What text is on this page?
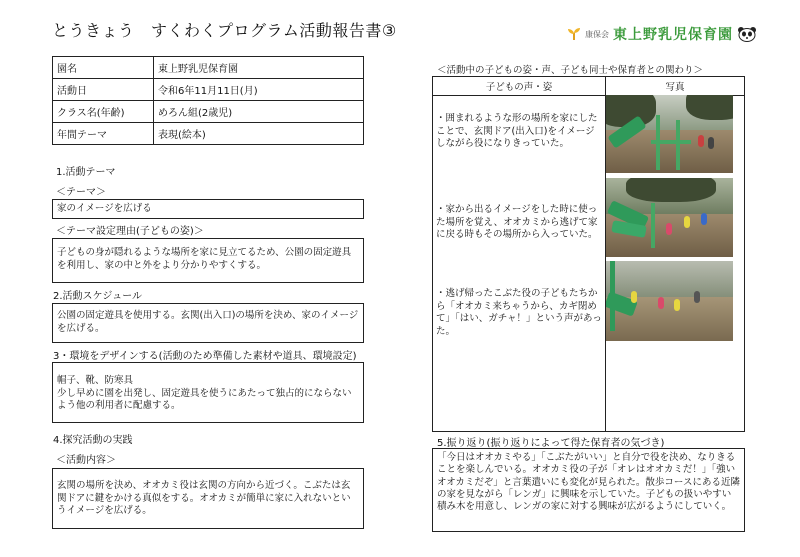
とうきょう　すくわくプログラム活動報告書③	康保会 東上野乳児保育園
園名	東上野乳児保育園
活動日	令和6年11月11日(月)
クラス名(年齢)	めろん組(2歳児)
年間テーマ	表現(絵本)
1.活動テーマ
＜テーマ＞
家のイメージを広げる
＜テーマ設定理由(子どもの姿)＞
子どもの身が隠れるような場所を家に見立てるため、公園の固定遊具を利用し、家の中と外をより分かりやすくする。
2.活動スケジュール
公園の固定遊具を使用する。玄関(出入口)の場所を決め、家のイメージを広げる。
3・環境をデザインする(活動のため準備した素材や道具、環境設定)
帽子、靴、防寒具
少し早めに園を出発し、固定遊具を使うにあたって独占的にならないよう他の利用者に配慮する。
4.探究活動の実践
＜活動内容＞
玄関の場所を決め、オオカミ役は玄関の方向から近づく。こぶたは玄関ドアに鍵をかける真似をする。オオカミが簡単に家に入れないというイメージを広げる。
＜活動中の子どもの姿・声、子ども同士や保育者との関わり＞
子どもの声・姿	写真
・囲まれるような形の場所を家にしたことで、玄関ドア(出入口)をイメージしながら役になりきっていた。	
・家から出るイメージをした時に使った場所を覚え、オオカミから逃げて家に戻る時もその場所から入っていた。	
・逃げ帰ったこぶた役の子どもたちから「オオカミ来ちゃうから、カギ閉めて」「はい、ガチャ！」という声があった。	
5.振り返り(振り返りによって得た保育者の気づき)
「今日はオオカミやる」「こぶたがいい」と自分で役を決め、なりきることを楽しんでいる。オオカミ役の子が「オレはオオカミだ！」「強いオオカミだぞ」と言葉遣いにも変化が見られた。散歩コースにある近隣の家を見ながら「レンガ」に興味を示していた。子どもの扱いやすい積み木を用意し、レンガの家に対する興味が広がるようにしていく。
